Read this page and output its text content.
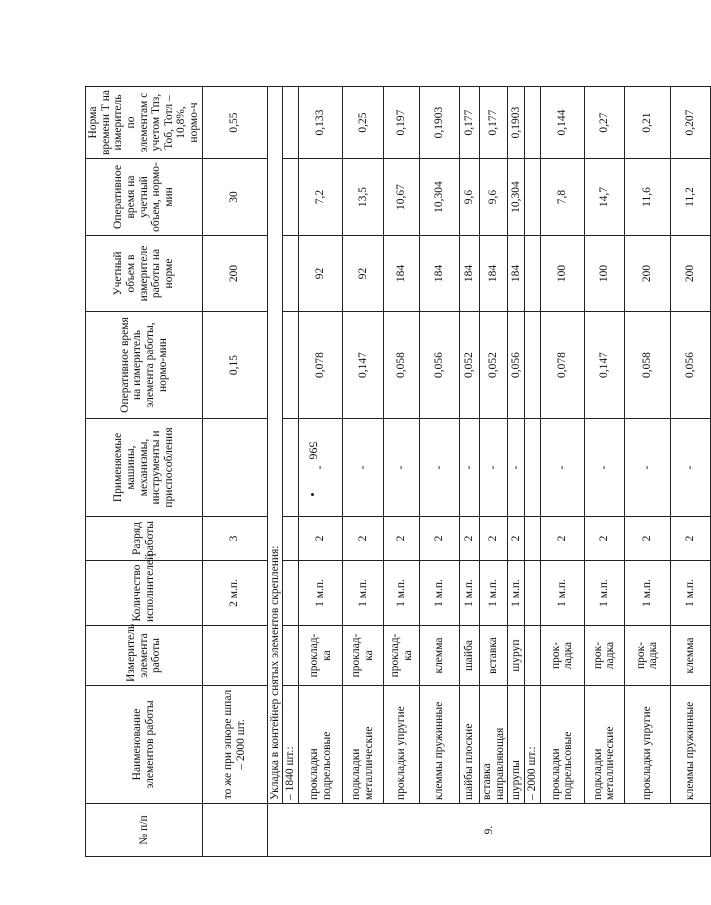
596
№ п/п	Наименование элементов работы	Измеритель элемента работы	Количество исполнителей	Разряд работы	Применяемые машины, механизмы, инструменты и приспособления	Оперативное время на измеритель элемента работы, нормо-мин	Учетный объем в измерителе работы на норме	Оперативное время на учетный объем, нормо-мин	Норма времени Т на измеритель по элементам с учетом Тпз, Тоб, Тотл – 10,8%, нормо-ч
	то же при эпюре шпал – 2000 шт.		2 м.п.	3		0,15	200	30	0,55
9.	Укладка в контейнер снятых элементов скрепления:								
	– 1840 шт.:								
	прокладки подрельсовые	проклад-ка	1 м.п.	2	-	0,078	92	7,2	0,133
	подкладки металлические	проклад-ка	1 м.п.	2	-	0,147	92	13,5	0,25
	прокладки упругие	проклад-ка	1 м.п.	2	-	0,058	184	10,67	0,197
	клеммы пружинные	клемма	1 м.п.	2	-	0,056	184	10,304	0,1903
	шайбы плоские	шайба	1 м.п.	2	-	0,052	184	9,6	0,177
	вставка направляющая	вставка	1 м.п.	2	-	0,052	184	9,6	0,177
	шурупы	шуруп	1 м.п.	2	-	0,056	184	10,304	0,1903
	– 2000 шт.:								
	прокладки подрельсовые	прок-ладка	1 м.п.	2	-	0,078	100	7,8	0,144
	подкладки металлические	прок-ладка	1 м.п.	2	-	0,147	100	14,7	0,27
	прокладки упругие	прок-ладка	1 м.п.	2	-	0,058	200	11,6	0,21
	клеммы пружинные	клемма	1 м.п.	2	-	0,056	200	11,2	0,207
